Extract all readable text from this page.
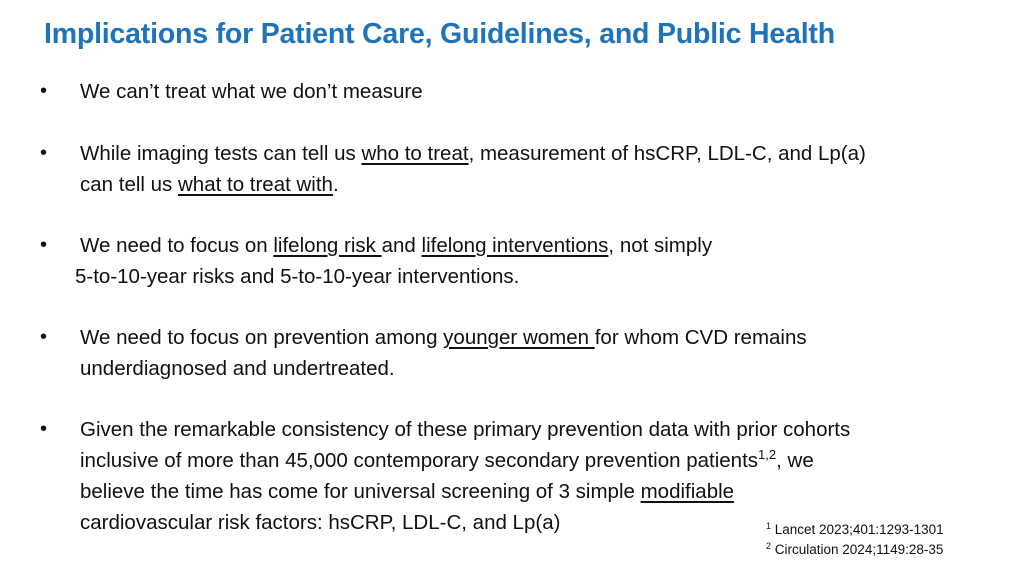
Implications for Patient Care, Guidelines, and Public Health
• We can’t treat what we don’t measure
• While imaging tests can tell us who to treat, measurement of hsCRP, LDL-C, and Lp(a)
can tell us what to treat with.
• We need to focus on lifelong risk and lifelong interventions, not simply
5-to-10-year risks and 5-to-10-year interventions.
• We need to focus on prevention among younger women for whom CVD remains
underdiagnosed and undertreated.
• Given the remarkable consistency of these primary prevention data with prior cohorts
inclusive of more than 45,000 contemporary secondary prevention patients$^{1,2}$, we
believe the time has come for universal screening of 3 simple modifiable
cardiovascular risk factors: hsCRP, LDL-C, and Lp(a)	$^1$ Lancet 2023;401:1293-1301
$^2$ Circulation 2024;1149:28-35
